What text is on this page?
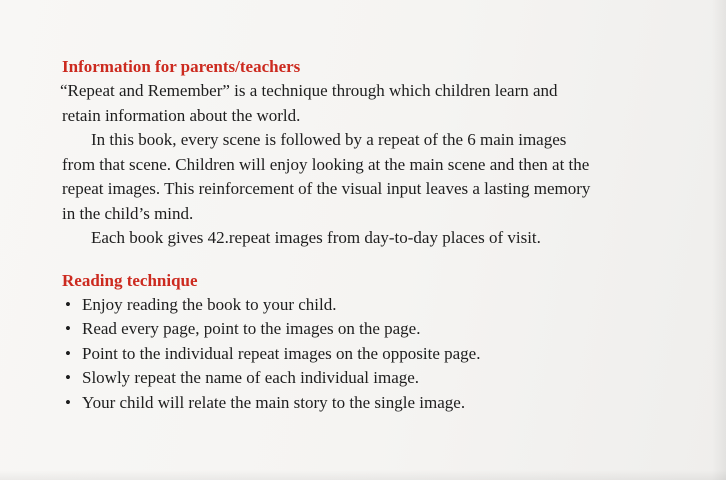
Information for parents/teachers
“Repeat and Remember” is a technique through which children learn and
retain information about the world.
In this book, every scene is followed by a repeat of the 6 main images
from that scene. Children will enjoy looking at the main scene and then at the
repeat images. This reinforcement of the visual input leaves a lasting memory
in the child’s mind.
Each book gives 42.repeat images from day-to-day places of visit.
Reading technique
• Enjoy reading the book to your child.
• Read every page, point to the images on the page.
• Point to the individual repeat images on the opposite page.
• Slowly repeat the name of each individual image.
• Your child will relate the main story to the single image.
